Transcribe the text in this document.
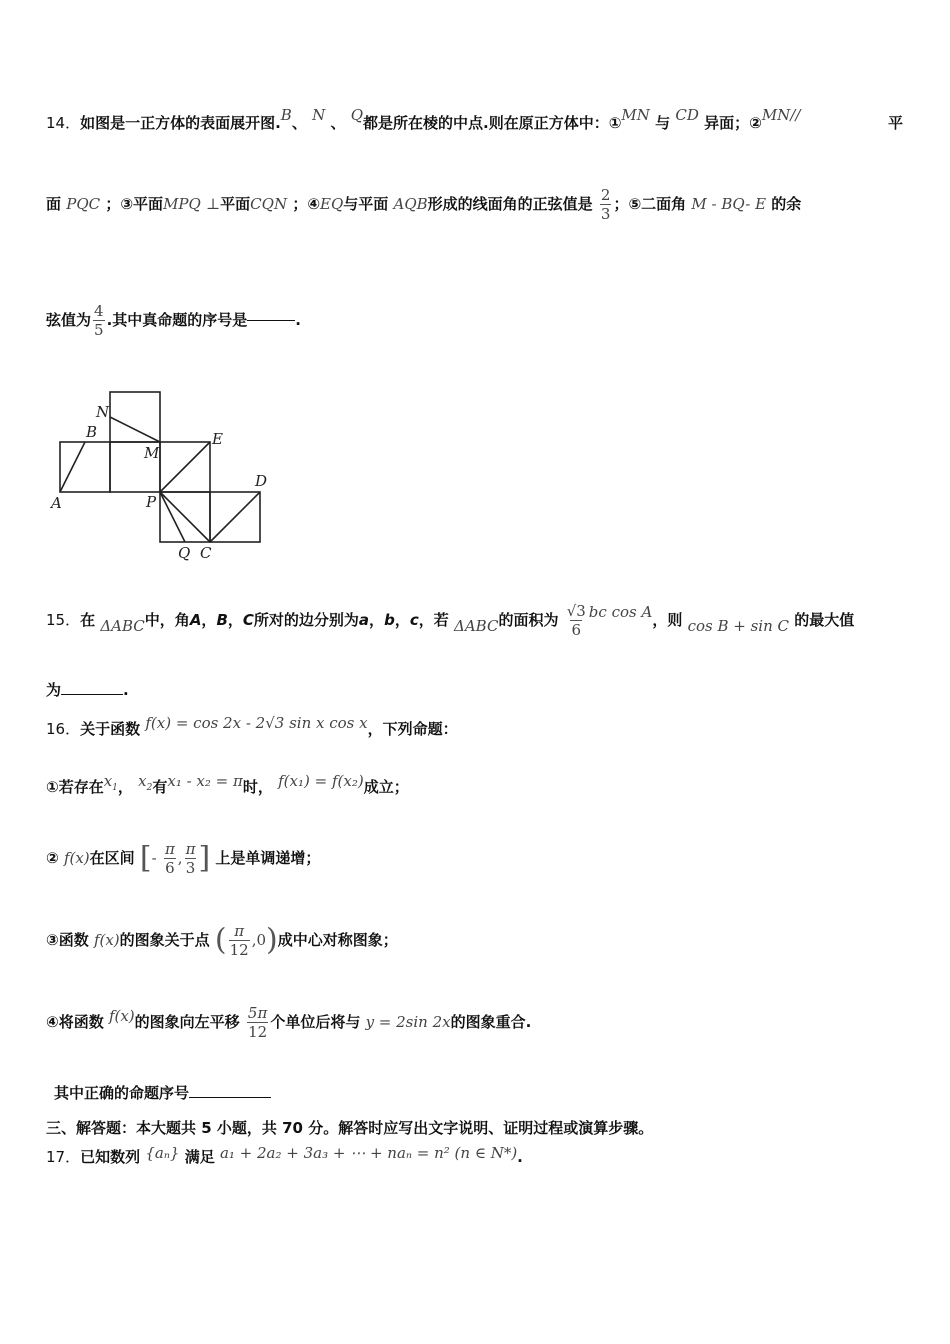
14．如图是一正方体的表面展开图.B、 N 、 Q都是所在棱的中点.则在原正方体中：①MN 与 CD 异面；②MN//	平
面 PQC ；③平面MPQ ⊥平面CQN ；④EQ与平面 AQB形成的线面角的正弦值是 $\frac{2}{3}$ ；⑤二面角 M - BQ- E 的余
弦值为 $\frac{4}{5}$ .其中真命题的序号是	.
N
B
M
E
A	P
D
Q C
15．在 ΔABC中，角A，B，C所对的边分别为a，b，c，若 ΔABC的面积为 $\frac{√3}{6}$ bc cos A，则 cos B + sin C 的最大值
为	.
16．关于函数 f(x) = cos 2x - 2√3 sin x cos x，下列命题：
①若存在$x_1$， $x_2$有x₁ - x₂ = π时， f(x₁) = f(x₂)成立；
② f(x)在区间 [- $\frac{\pi}{6}$ , $\frac{\pi}{3}$ ] 上是单调递增；
③函数 f(x)的图象关于点 ( $\frac{\pi}{12} ,0$)成中心对称图象；
④将函数 f(x)的图象向左平移 $\frac{5\pi}{12}$ 个单位后将与 y = 2sin 2x的图象重合.
其中正确的命题序号
三、解答题：本大题共 5 小题，共 70 分。解答时应写出文字说明、证明过程或演算步骤。
17．已知数列 {aₙ} 满足 a₁ + 2a₂ + 3a₃ + ⋯ + naₙ = n² (n ∈ N*).
